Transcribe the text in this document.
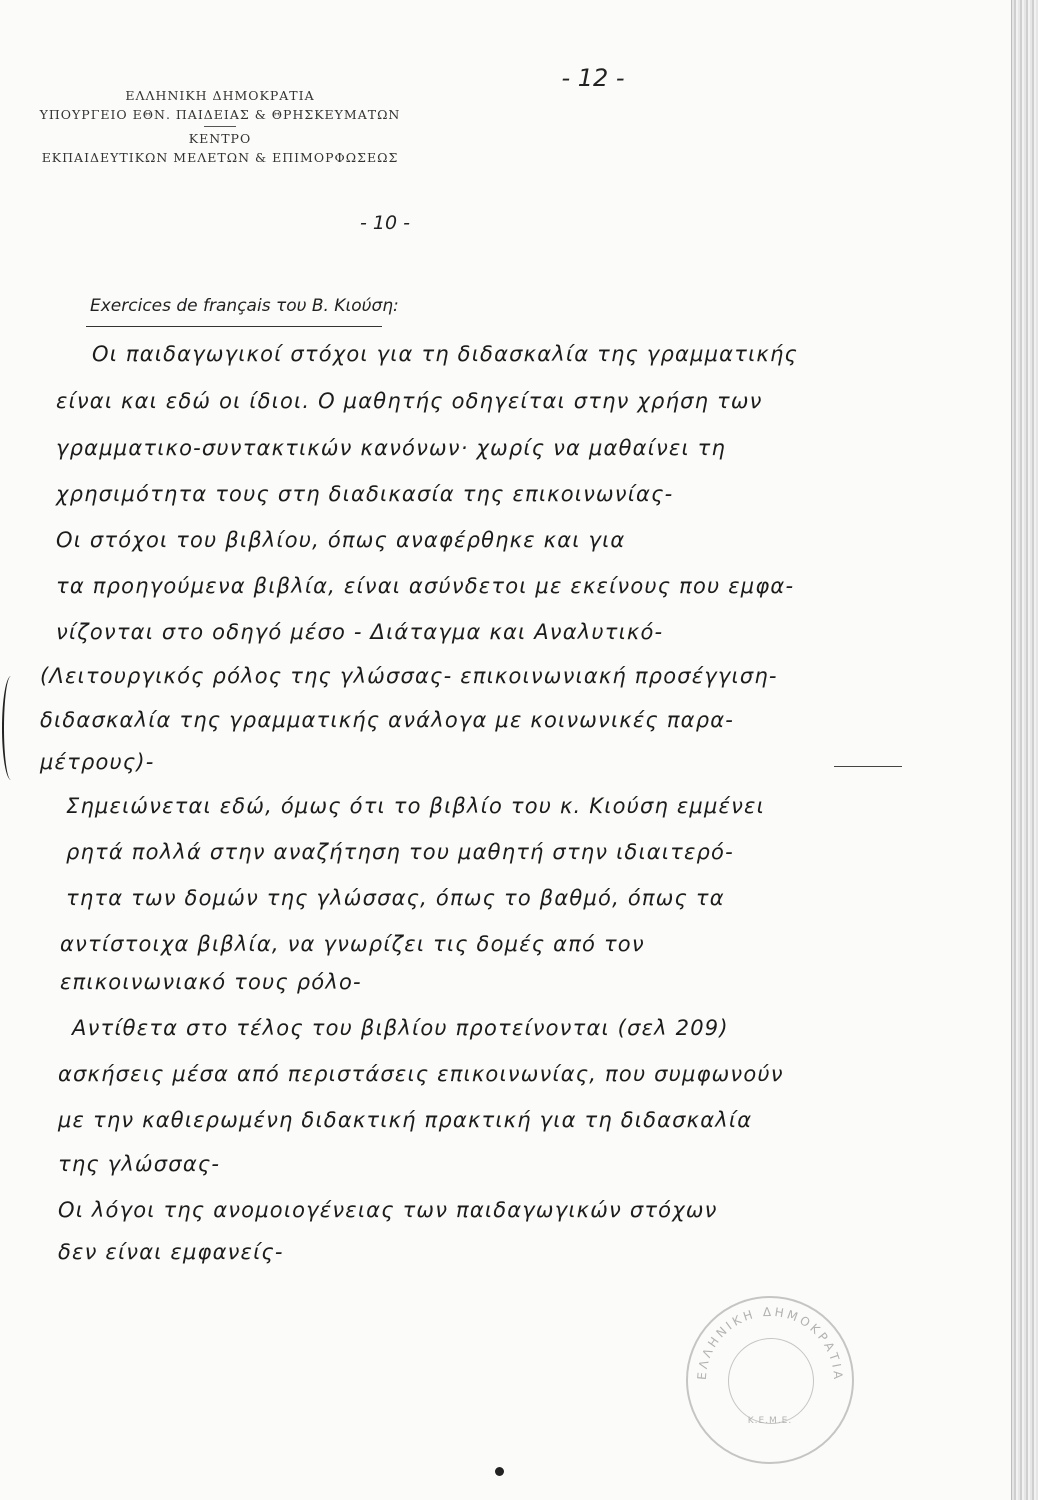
ΕΛΛΗΝΙΚΗ ΔΗΜΟΚΡΑΤΙΑ
ΥΠΟΥΡΓΕΙΟ ΕΘΝ. ΠΑΙΔΕΙΑΣ & ΘΡΗΣΚΕΥΜΑΤΩΝ
ΚΕΝΤΡΟ
ΕΚΠΑΙΔΕΥΤΙΚΩΝ ΜΕΛΕΤΩΝ & ΕΠΙΜΟΡΦΩΣΕΩΣ
- 12 -
- 10 -
Exercices de français του Β. Κιούση:
Οι παιδαγωγικοί στόχοι για τη διδασκαλία της γραμματικής
είναι και εδώ οι ίδιοι. Ο μαθητής οδηγείται στην χρήση των
γραμματικο-συντακτικών κανόνων· χωρίς να μαθαίνει τη
χρησιμότητα τους στη διαδικασία της επικοινωνίας-
Οι στόχοι του βιβλίου, όπως αναφέρθηκε και για
τα προηγούμενα βιβλία, είναι ασύνδετοι με εκείνους που εμφα-
νίζονται στο οδηγό μέσο - Διάταγμα και Αναλυτικό-
(Λειτουργικός ρόλος της γλώσσας- επικοινωνιακή προσέγγιση-
διδασκαλία της γραμματικής ανάλογα με κοινωνικές παρα-
μέτρους)-
Σημειώνεται εδώ, όμως ότι το βιβλίο του κ. Κιούση εμμένει
ρητά πολλά στην αναζήτηση του μαθητή στην ιδιαιτερό-
τητα των δομών της γλώσσας, όπως το βαθμό, όπως τα
αντίστοιχα βιβλία, να γνωρίζει τις δομές από τον
επικοινωνιακό τους ρόλο-
Αντίθετα στο τέλος του βιβλίου προτείνονται (σελ 209)
ασκήσεις μέσα από περιστάσεις επικοινωνίας, που συμφωνούν
με την καθιερωμένη διδακτική πρακτική για τη διδασκαλία
της γλώσσας-
Οι λόγοι της ανομοιογένειας των παιδαγωγικών στόχων
δεν είναι εμφανείς-
ΕΛΛΗΝΙΚΗ ΔΗΜΟΚΡΑΤΙΑ
Κ.Ε.Μ.Ε.
